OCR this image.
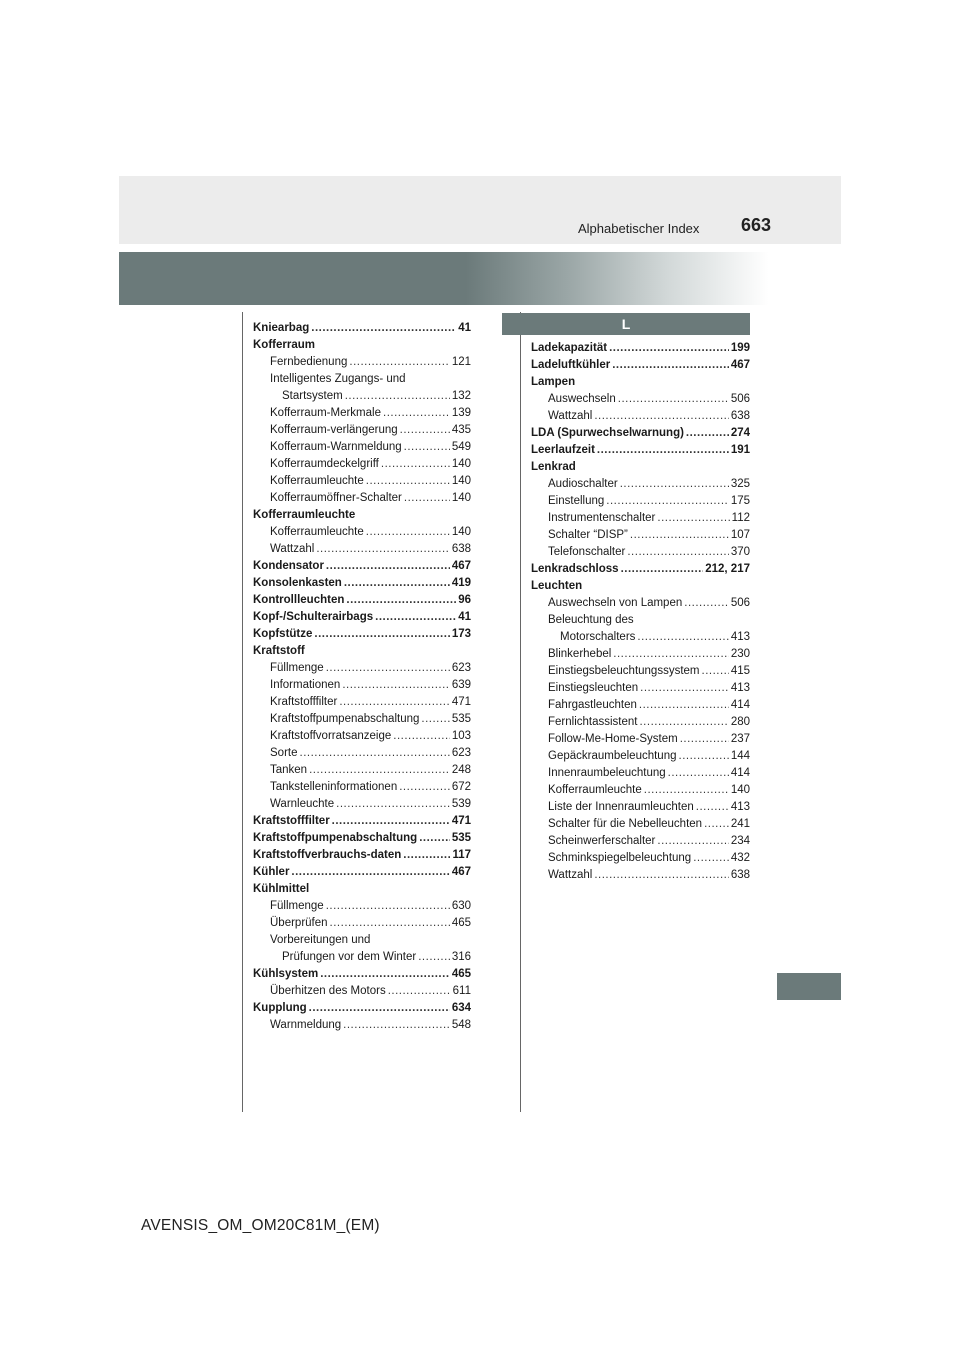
Alphabetischer Index 663
L
Kniearbag .....	41
Kofferraum
Fernbedienung .....	121
Intelligentes Zugangs- und
Startsystem .....	132
Kofferraum-Merkmale .....	139
Kofferraum-verlängerung .....	435
Kofferraum-Warnmeldung .....	549
Kofferraumdeckelgriff .....	140
Kofferraumleuchte .....	140
Kofferraumöffner-Schalter .....	140
Kofferraumleuchte
Kofferraumleuchte .....	140
Wattzahl .....	638
Kondensator .....	467
Konsolenkasten .....	419
Kontrollleuchten .....	96
Kopf-/Schulterairbags .....	41
Kopfstütze .....	173
Kraftstoff
Füllmenge .....	623
Informationen .....	639
Kraftstofffilter .....	471
Kraftstoffpumpenabschaltung .....	535
Kraftstoffvorratsanzeige .....	103
Sorte .....	623
Tanken .....	248
Tankstelleninformationen .....	672
Warnleuchte .....	539
Kraftstofffilter .....	471
Kraftstoffpumpenabschaltung .....	535
Kraftstoffverbrauchs-daten .....	117
Kühler .....	467
Kühlmittel
Füllmenge .....	630
Überprüfen .....	465
Vorbereitungen und
Prüfungen vor dem Winter .....	316
Kühlsystem .....	465
Überhitzen des Motors .....	611
Kupplung .....	634
Warnmeldung .....	548
Ladekapazität .....	199
Ladeluftkühler .....	467
Lampen
Auswechseln .....	506
Wattzahl .....	638
LDA (Spurwechselwarnung) .....	274
Leerlaufzeit .....	191
Lenkrad
Audioschalter .....	325
Einstellung .....	175
Instrumentenschalter .....	112
Schalter “DISP” .....	107
Telefonschalter .....	370
Lenkradschloss .....	212, 217
Leuchten
Auswechseln von Lampen .....	506
Beleuchtung des
Motorschalters .....	413
Blinkerhebel .....	230
Einstiegsbeleuchtungssystem .....	415
Einstiegsleuchten .....	413
Fahrgastleuchten .....	414
Fernlichtassistent .....	280
Follow-Me-Home-System .....	237
Gepäckraumbeleuchtung .....	144
Innenraumbeleuchtung .....	414
Kofferraumleuchte .....	140
Liste der Innenraumleuchten .....	413
Schalter für die Nebelleuchten ..... 241
Scheinwerferschalter .....	234
Schminkspiegelbeleuchtung .....	432
Wattzahl .....	638
AVENSIS_OM_OM20C81M_(EM)
